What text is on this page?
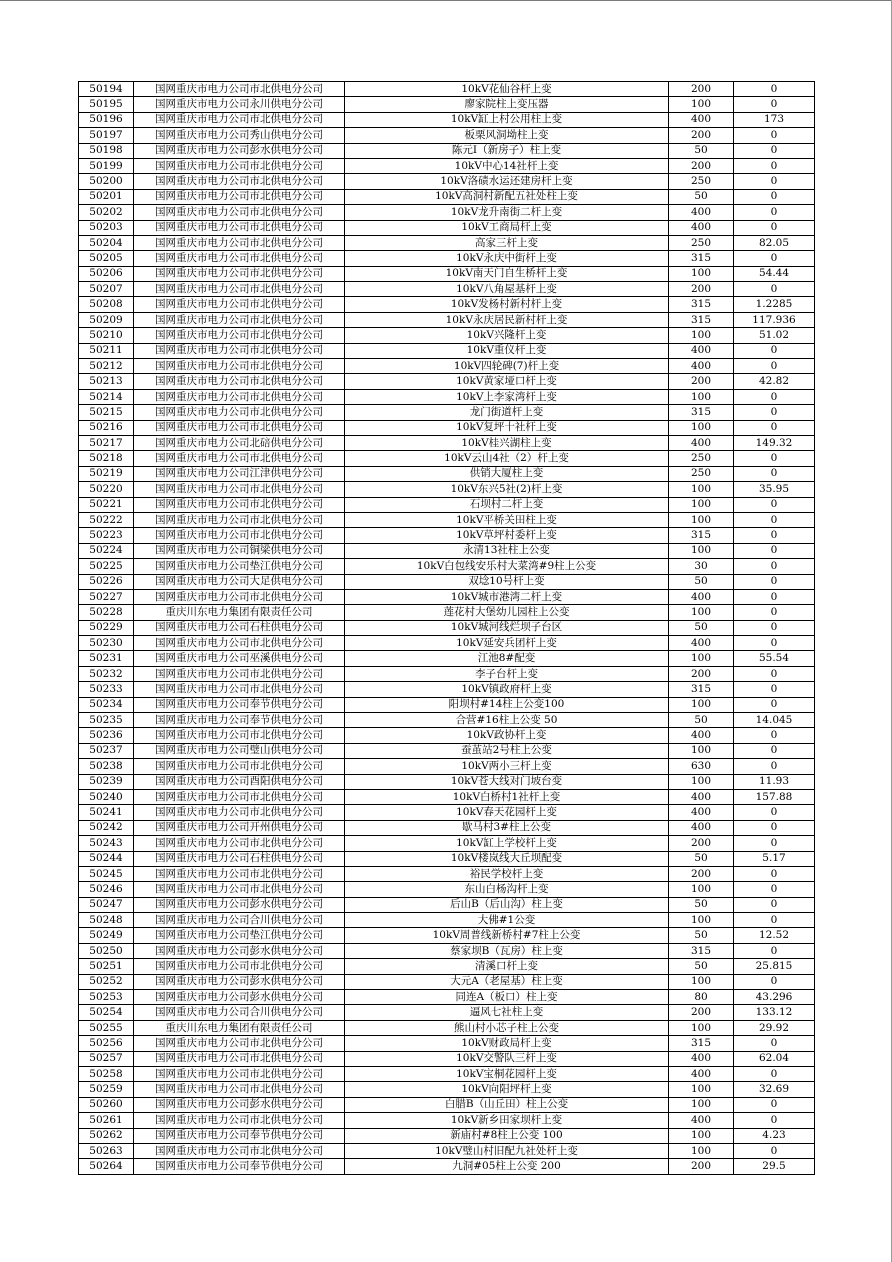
50194	国网重庆市电力公司市北供电分公司	10kV花仙谷杆上变	200	0
50195	国网重庆市电力公司永川供电分公司	廖家院柱上变压器	100	0
50196	国网重庆市电力公司市北供电分公司	10kV缸上村公用柱上变	400	173
50197	国网重庆市电力公司秀山供电分公司	板栗风洞坳柱上变	200	0
50198	国网重庆市电力公司彭水供电分公司	陈元Ⅰ（新房子）柱上变	50	0
50199	国网重庆市电力公司市北供电分公司	10kV中心14社杆上变	200	0
50200	国网重庆市电力公司市北供电分公司	10kV洛碛水运还建房杆上变	250	0
50201	国网重庆市电力公司市北供电分公司	10kV高洞村新配五社处柱上变	50	0
50202	国网重庆市电力公司市北供电分公司	10kV龙升南街二杆上变	400	0
50203	国网重庆市电力公司市北供电分公司	10kV工商局杆上变	400	0
50204	国网重庆市电力公司市北供电分公司	高家三杆上变	250	82.05
50205	国网重庆市电力公司市北供电分公司	10kV永庆中街杆上变	315	0
50206	国网重庆市电力公司市北供电分公司	10kV南天门自生桥杆上变	100	54.44
50207	国网重庆市电力公司市北供电分公司	10kV八角屋基杆上变	200	0
50208	国网重庆市电力公司市北供电分公司	10kV发杨村新村杆上变	315	1.2285
50209	国网重庆市电力公司市北供电分公司	10kV永庆居民新村杆上变	315	117.936
50210	国网重庆市电力公司市北供电分公司	10kV兴隆杆上变	100	51.02
50211	国网重庆市电力公司市北供电分公司	10kV重仪杆上变	400	0
50212	国网重庆市电力公司市北供电分公司	10kV四轮碑(7)杆上变	400	0
50213	国网重庆市电力公司市北供电分公司	10kV黄家垭口杆上变	200	42.82
50214	国网重庆市电力公司市北供电分公司	10kV上李家湾杆上变	100	0
50215	国网重庆市电力公司市北供电分公司	龙门街道杆上变	315	0
50216	国网重庆市电力公司市北供电分公司	10kV复坪十社杆上变	100	0
50217	国网重庆市电力公司北碚供电分公司	10kV桂兴湖柱上变	400	149.32
50218	国网重庆市电力公司市北供电分公司	10kV云山4社（2）杆上变	250	0
50219	国网重庆市电力公司江津供电分公司	供销大厦柱上变	250	0
50220	国网重庆市电力公司市北供电分公司	10kV东兴5社(2)杆上变	100	35.95
50221	国网重庆市电力公司市北供电分公司	石坝村二杆上变	100	0
50222	国网重庆市电力公司市北供电分公司	10kV平桥关田柱上变	100	0
50223	国网重庆市电力公司市北供电分公司	10kV草坪村委杆上变	315	0
50224	国网重庆市电力公司铜梁供电分公司	永清13社柱上公变	100	0
50225	国网重庆市电力公司垫江供电分公司	10kV白包线安乐村大菜湾#9柱上公变	30	0
50226	国网重庆市电力公司大足供电分公司	双埝10号杆上变	50	0
50227	国网重庆市电力公司市北供电分公司	10kV城市港湾二杆上变	400	0
50228	重庆川东电力集团有限责任公司	莲花村大堡幼儿园柱上公变	100	0
50229	国网重庆市电力公司石柱供电分公司	10kV城河线烂坝子台区	50	0
50230	国网重庆市电力公司市北供电分公司	10kV延安兵团杆上变	400	0
50231	国网重庆市电力公司巫溪供电分公司	江池8#配变	100	55.54
50232	国网重庆市电力公司市北供电分公司	李子台杆上变	200	0
50233	国网重庆市电力公司市北供电分公司	10kV镇政府杆上变	315	0
50234	国网重庆市电力公司奉节供电分公司	阳坝村#14柱上公变100	100	0
50235	国网重庆市电力公司奉节供电分公司	合营#16柱上公变 50	50	14.045
50236	国网重庆市电力公司市北供电分公司	10kV政协杆上变	400	0
50237	国网重庆市电力公司璧山供电分公司	蚕茧站2号柱上公变	100	0
50238	国网重庆市电力公司市北供电分公司	10kV两小三杆上变	630	0
50239	国网重庆市电力公司酉阳供电分公司	10kV苍大线对门坡台变	100	11.93
50240	国网重庆市电力公司市北供电分公司	10kV白桥村1社杆上变	400	157.88
50241	国网重庆市电力公司市北供电分公司	10kV春天花园杆上变	400	0
50242	国网重庆市电力公司开州供电分公司	歇马村3#柱上公变	400	0
50243	国网重庆市电力公司市北供电分公司	10kV缸上学校杆上变	200	0
50244	国网重庆市电力公司石柱供电分公司	10kV楼岚线大丘坝配变	50	5.17
50245	国网重庆市电力公司市北供电分公司	裕民学校杆上变	200	0
50246	国网重庆市电力公司市北供电分公司	东山白杨沟杆上变	100	0
50247	国网重庆市电力公司彭水供电分公司	后山B（后山沟）柱上变	50	0
50248	国网重庆市电力公司合川供电分公司	大佛#1公变	100	0
50249	国网重庆市电力公司垫江供电分公司	10kV周普线新桥村#7柱上公变	50	12.52
50250	国网重庆市电力公司彭水供电分公司	蔡家坝B（瓦房）柱上变	315	0
50251	国网重庆市电力公司市北供电分公司	清溪口杆上变	50	25.815
50252	国网重庆市电力公司彭水供电分公司	大元A（老屋基）柱上变	100	0
50253	国网重庆市电力公司彭水供电分公司	同连A（板口）柱上变	80	43.296
50254	国网重庆市电力公司合川供电分公司	逼风七社柱上变	200	133.12
50255	重庆川东电力集团有限责任公司	熊山村小芯子柱上公变	100	29.92
50256	国网重庆市电力公司市北供电分公司	10kV财政局杆上变	315	0
50257	国网重庆市电力公司市北供电分公司	10kV交警队三杆上变	400	62.04
50258	国网重庆市电力公司市北供电分公司	10kV宝桐花园杆上变	400	0
50259	国网重庆市电力公司市北供电分公司	10kV向阳坪杆上变	100	32.69
50260	国网重庆市电力公司彭水供电分公司	白腊B（山丘田）柱上公变	100	0
50261	国网重庆市电力公司市北供电分公司	10kV新乡田家坝杆上变	400	0
50262	国网重庆市电力公司奉节供电分公司	新庙村#8柱上公变 100	100	4.23
50263	国网重庆市电力公司市北供电分公司	10kV璧山村旧配九社处杆上变	100	0
50264	国网重庆市电力公司奉节供电分公司	九洞#05柱上公变 200	200	29.5
